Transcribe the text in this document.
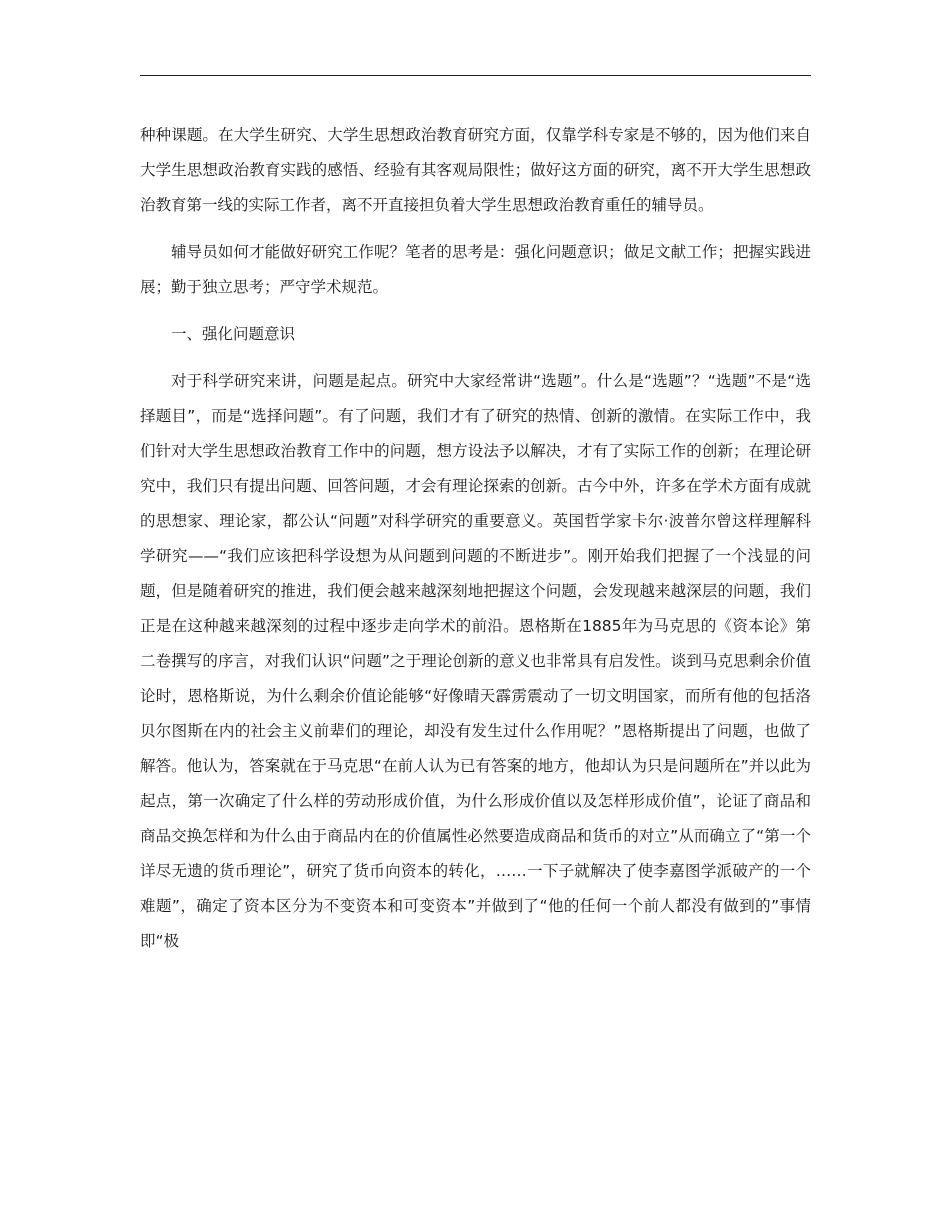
种种课题。在大学生研究、大学生思想政治教育研究方面，仅靠学科专家是不够的，因为他们来自大学生思想政治教育实践的感悟、经验有其客观局限性；做好这方面的研究，离不开大学生思想政治教育第一线的实际工作者，离不开直接担负着大学生思想政治教育重任的辅导员。

辅导员如何才能做好研究工作呢？笔者的思考是：强化问题意识；做足文献工作；把握实践进展；勤于独立思考；严守学术规范。

一、强化问题意识

对于科学研究来讲，问题是起点。研究中大家经常讲“选题”。什么是“选题”？“选题”不是“选择题目”，而是“选择问题”。有了问题，我们才有了研究的热情、创新的激情。在实际工作中，我们针对大学生思想政治教育工作中的问题，想方设法予以解决，才有了实际工作的创新；在理论研究中，我们只有提出问题、回答问题，才会有理论探索的创新。古今中外，许多在学术方面有成就的思想家、理论家，都公认“问题”对科学研究的重要意义。英国哲学家卡尔·波普尔曾这样理解科学研究——“我们应该把科学设想为从问题到问题的不断进步”。刚开始我们把握了一个浅显的问题，但是随着研究的推进，我们便会越来越深刻地把握这个问题，会发现越来越深层的问题，我们正是在这种越来越深刻的过程中逐步走向学术的前沿。恩格斯在1885年为马克思的《资本论》第二卷撰写的序言，对我们认识“问题”之于理论创新的意义也非常具有启发性。谈到马克思剩余价值论时，恩格斯说，为什么剩余价值论能够“好像晴天霹雳震动了一切文明国家，而所有他的包括洛贝尔图斯在内的社会主义前辈们的理论，却没有发生过什么作用呢？”恩格斯提出了问题，也做了解答。他认为，答案就在于马克思“在前人认为已有答案的地方，他却认为只是问题所在”并以此为起点，第一次确定了什么样的劳动形成价值，为什么形成价值以及怎样形成价值”，论证了商品和商品交换怎样和为什么由于商品内在的价值属性必然要造成商品和货币的对立”从而确立了“第一个详尽无遗的货币理论”，研究了货币向资本的转化，……一下子就解决了使李嘉图学派破产的一个难题”，确定了资本区分为不变资本和可变资本”并做到了“他的任何一个前人都没有做到的”事情即“极
